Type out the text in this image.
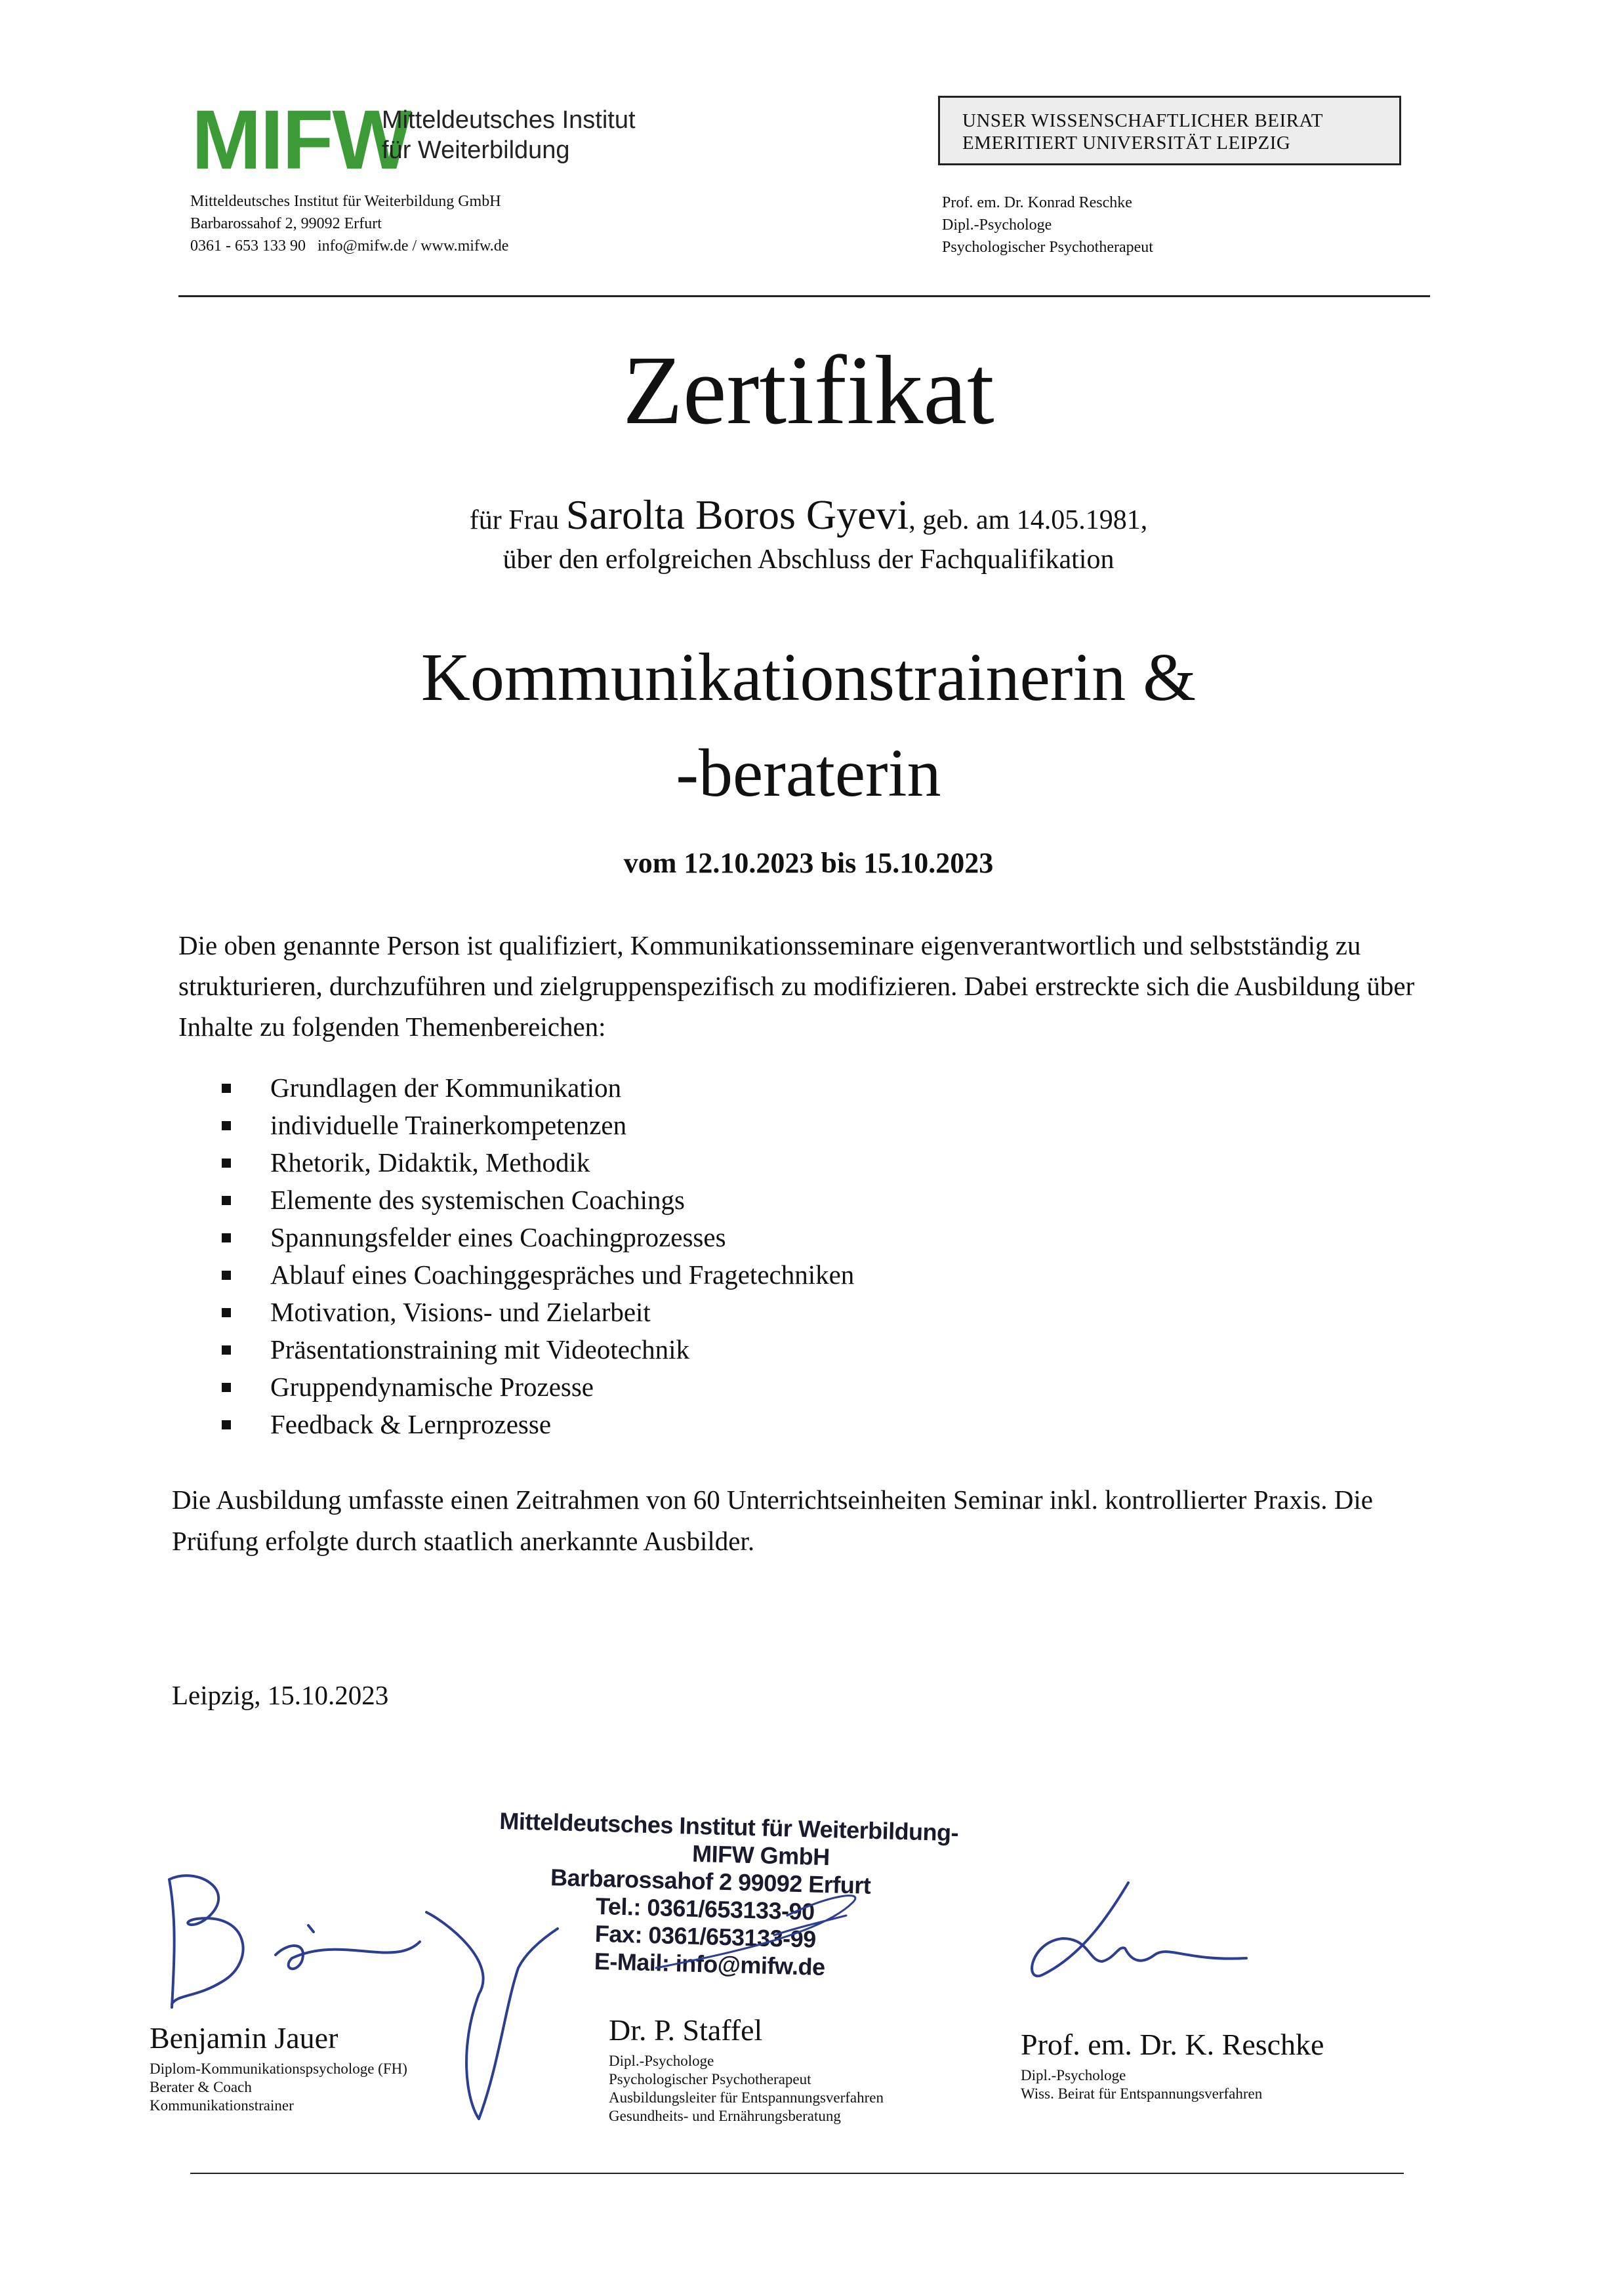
MIFW
Mitteldeutsches Institut
für Weiterbildung
Mitteldeutsches Institut für Weiterbildung GmbH
Barbarossahof 2, 99092 Erfurt
0361 - 653 133 90   info@mifw.de / www.mifw.de
UNSER WISSENSCHAFTLICHER BEIRAT
EMERITIERT UNIVERSITÄT LEIPZIG
Prof. em. Dr. Konrad Reschke
Dipl.-Psychologe
Psychologischer Psychotherapeut
Zertifikat
für Frau Sarolta Boros Gyevi, geb. am 14.05.1981,
über den erfolgreichen Abschluss der Fachqualifikation
Kommunikationstrainerin &
-beraterin
vom 12.10.2023 bis 15.10.2023
Die oben genannte Person ist qualifiziert, Kommunikationsseminare eigenverantwortlich und selbstständig zu strukturieren, durchzuführen und zielgruppenspezifisch zu modifizieren. Dabei erstreckte sich die Ausbildung über Inhalte zu folgenden Themenbereichen:
Grundlagen der Kommunikation
individuelle Trainerkompetenzen
Rhetorik, Didaktik, Methodik
Elemente des systemischen Coachings
Spannungsfelder eines Coachingprozesses
Ablauf eines Coachinggespräches und Fragetechniken
Motivation, Visions- und Zielarbeit
Präsentationstraining mit Videotechnik
Gruppendynamische Prozesse
Feedback & Lernprozesse
Die Ausbildung umfasste einen Zeitrahmen von 60 Unterrichtseinheiten Seminar inkl. kontrollierter Praxis. Die Prüfung erfolgte durch staatlich anerkannte Ausbilder.
Leipzig, 15.10.2023
Mitteldeutsches Institut für Weiterbildung-
MIFW GmbH
Barbarossahof 2 99092 Erfurt
Tel.: 0361/653133-90
Fax: 0361/653133-99
E-Mail: info@mifw.de
Benjamin Jauer
Diplom-Kommunikationspsychologe (FH)
Berater & Coach
Kommunikationstrainer
Dr. P. Staffel
Dipl.-Psychologe
Psychologischer Psychotherapeut
Ausbildungsleiter für Entspannungsverfahren
Gesundheits- und Ernährungsberatung
Prof. em. Dr. K. Reschke
Dipl.-Psychologe
Wiss. Beirat für Entspannungsverfahren
